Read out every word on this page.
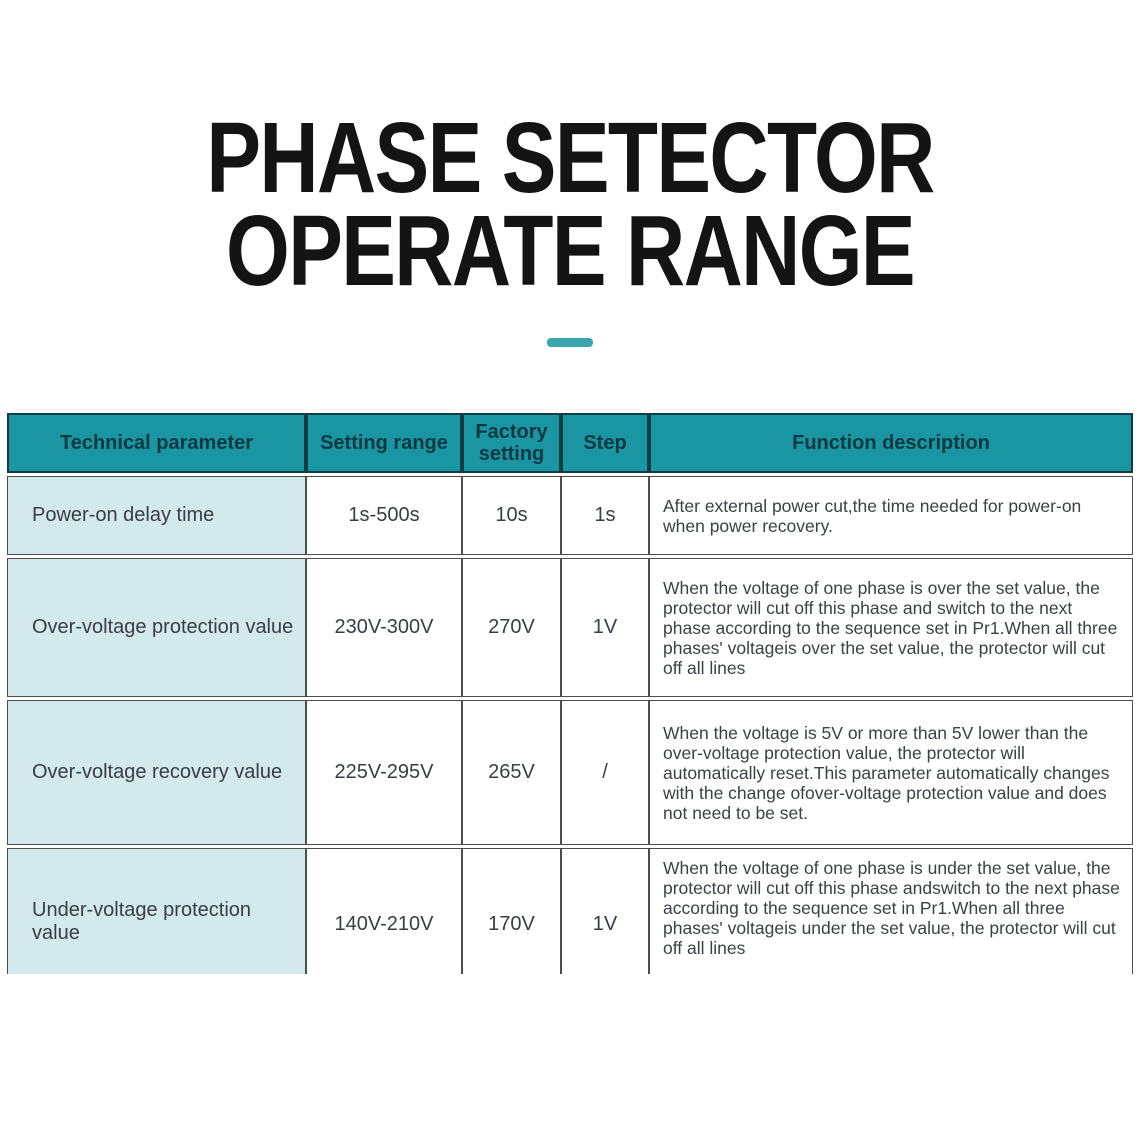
PHASE SETECTOR
OPERATE RANGE
Technical parameter	Setting range	Factory setting	Step	Function description
Power-on delay time	1s-500s	10s	1s	After external power cut,the time needed for power-on when power recovery.
Over-voltage protection value	230V-300V	270V	1V	When the voltage of one phase is over the set value, the protector will cut off this phase and switch to the next phase according to the sequence set in Pr1.When all three phases' voltageis over the set value, the protector will cut off all lines
Over-voltage recovery value	225V-295V	265V	/	When the voltage is 5V or more than 5V lower than the over-voltage protection value, the protector will automatically reset.This parameter automatically changes with the change ofover-voltage protection value and does not need to be set.
Under-voltage protection value	140V-210V	170V	1V	When the voltage of one phase is under the set value, the protector will cut off this phase andswitch to the next phase according to the sequence set in Pr1.When all three phases' voltageis under the set value, the protector will cut off all lines
